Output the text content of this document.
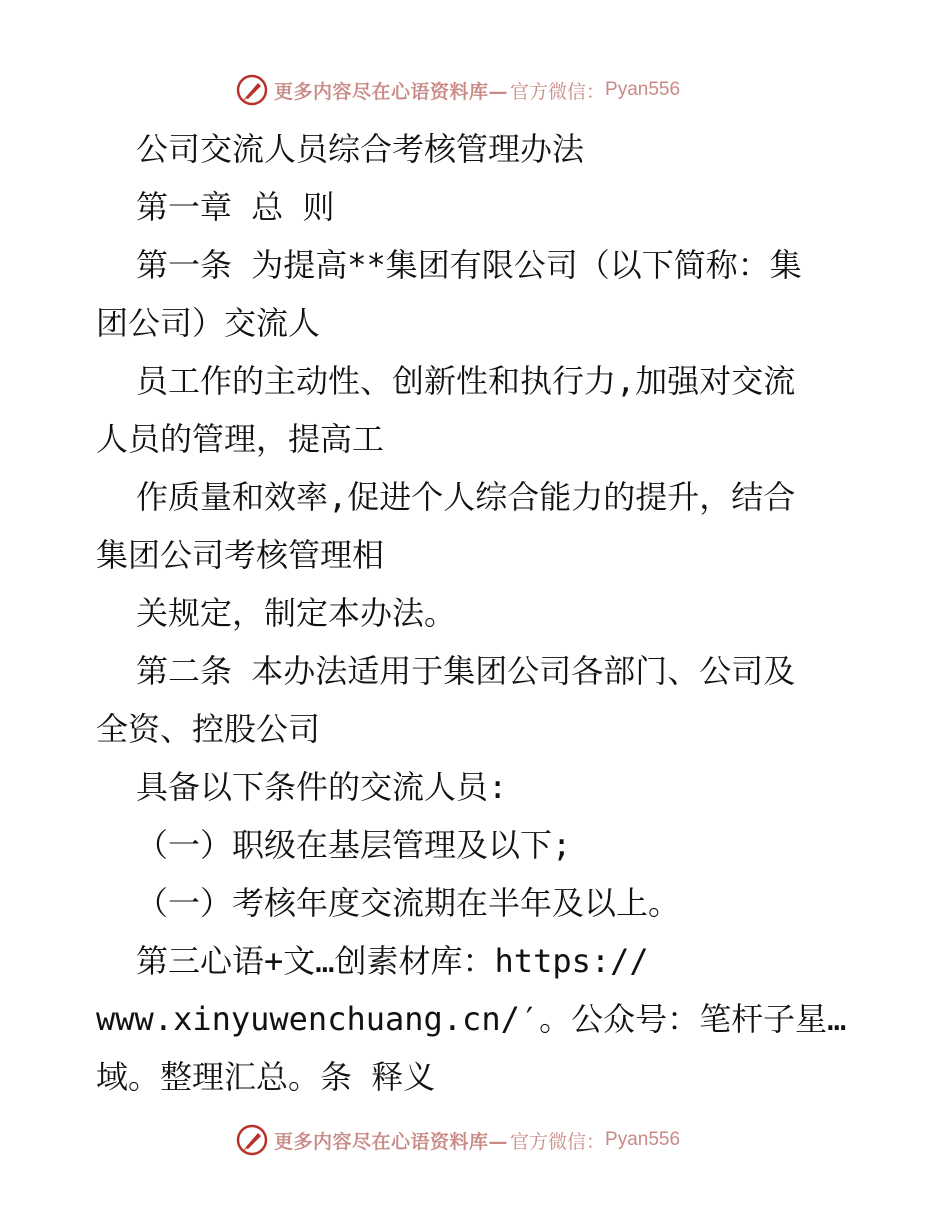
更多内容尽在心语资料库— 官方微信： Pyan556
公司交流人员综合考核管理办法
第一章 总 则
第一条 为提高**集团有限公司（以下简称：集
团公司）交流人
员工作的主动性、创新性和执行力,加强对交流
人员的管理，提高工
作质量和效率,促进个人综合能力的提升，结合
集团公司考核管理相
关规定，制定本办法。
第二条 本办法适用于集团公司各部门、公司及
全资、控股公司
具备以下条件的交流人员:
（一）职级在基层管理及以下;
（一）考核年度交流期在半年及以上。
第三心语+文…创素材库：https://
www.xinyuwenchuang.cn/′。公众号：笔杆子星…
域。整理汇总。条 释义
更多内容尽在心语资料库— 官方微信： Pyan556
